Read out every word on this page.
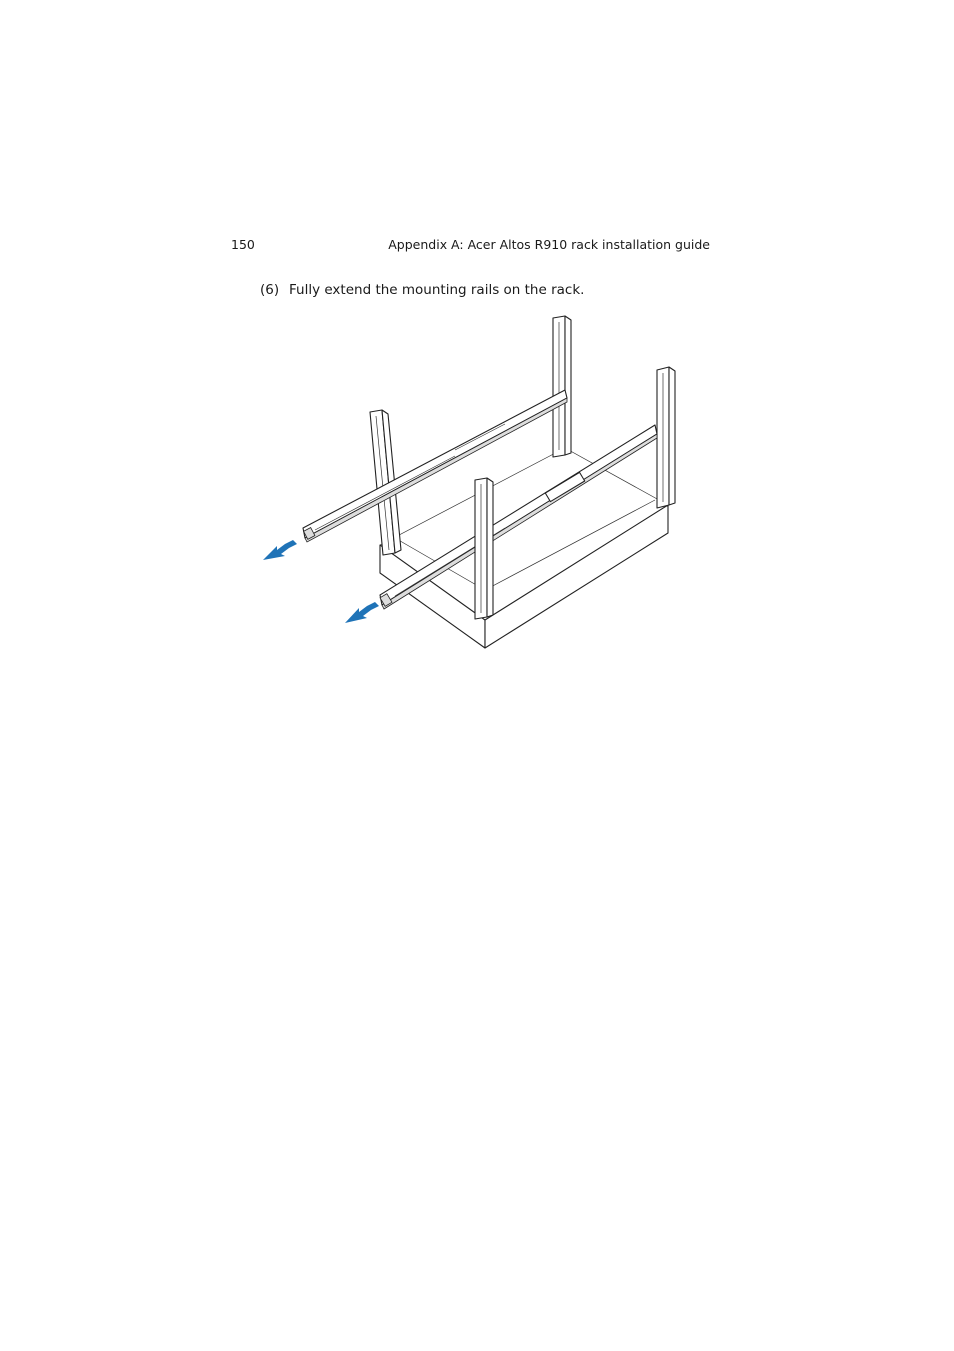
150	Appendix A: Acer Altos R910 rack installation guide
(6) Fully extend the mounting rails on the rack.
